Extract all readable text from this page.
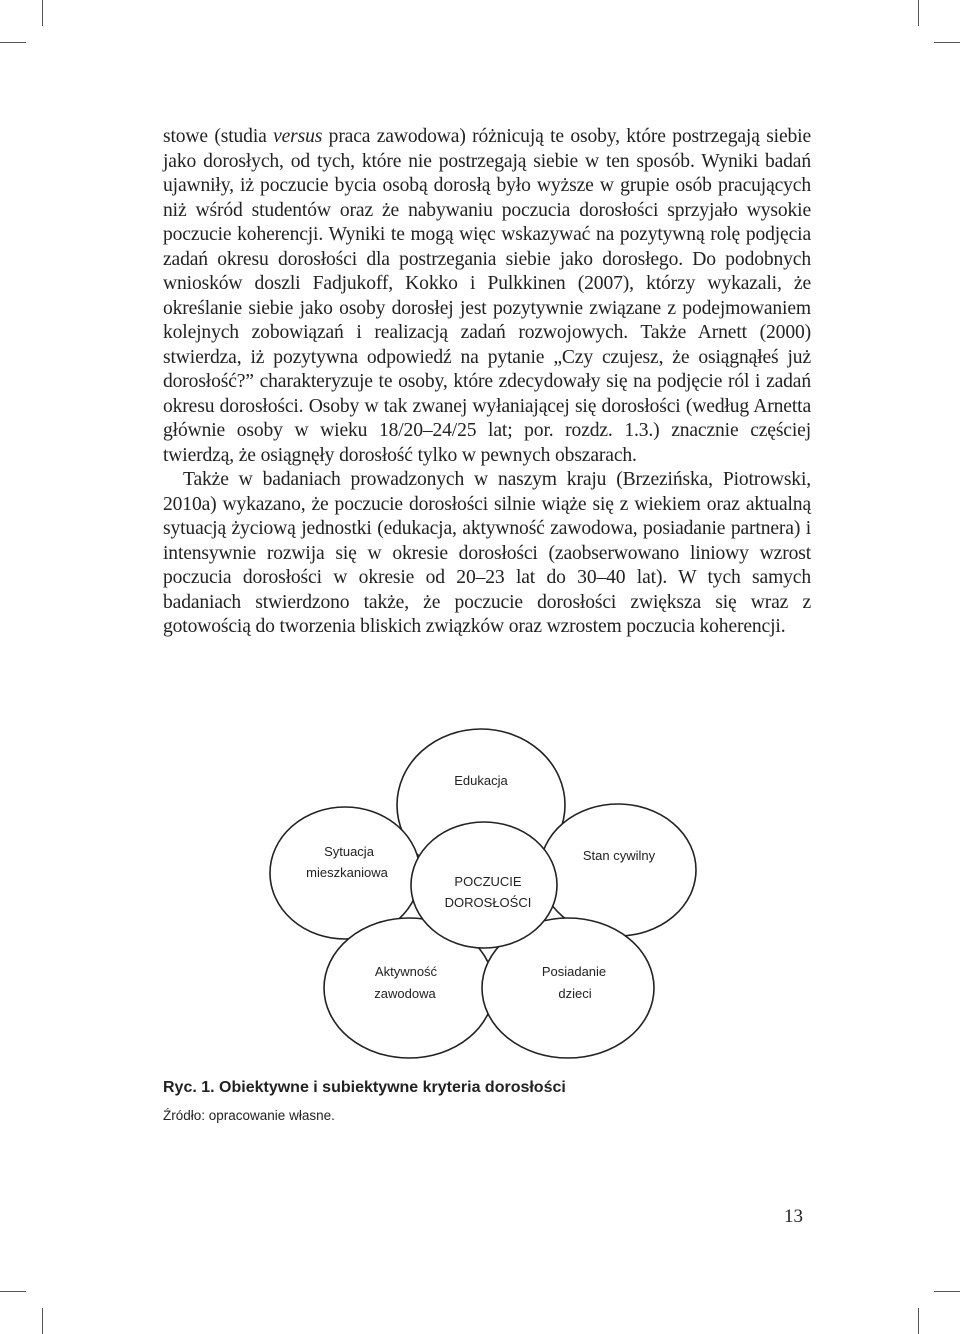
stowe (studia versus praca zawodowa) różnicują te osoby, które postrzegają siebie jako dorosłych, od tych, które nie postrzegają siebie w ten sposób. Wyniki badań ujawniły, iż poczucie bycia osobą dorosłą było wyższe w grupie osób pracujących niż wśród studentów oraz że nabywaniu poczucia dorosłości sprzyjało wysokie poczucie koherencji. Wyniki te mogą więc wskazywać na pozytywną rolę podjęcia zadań okresu dorosłości dla postrzegania siebie jako dorosłego. Do podobnych wniosków doszli Fadjukoff, Kokko i Pulkkinen (2007), którzy wykazali, że określanie siebie jako osoby dorosłej jest pozytywnie związane z podejmowaniem kolejnych zobowiązań i realizacją zadań rozwojowych. Także Arnett (2000) stwierdza, iż pozytywna odpowiedź na pytanie „Czy czujesz, że osiągnąłeś już dorosłość?” charakteryzuje te osoby, które zdecydowały się na podjęcie ról i zadań okresu dorosłości. Osoby w tak zwanej wyłaniającej się dorosłości (według Arnetta głównie osoby w wieku 18/20–24/25 lat; por. rozdz. 1.3.) znacznie częściej twierdzą, że osiągnęły dorosłość tylko w pewnych obszarach.

Także w badaniach prowadzonych w naszym kraju (Brzezińska, Piotrowski, 2010a) wykazano, że poczucie dorosłości silnie wiąże się z wiekiem oraz aktualną sytuacją życiową jednostki (edukacja, aktywność zawodowa, posiadanie partnera) i intensywnie rozwija się w okresie dorosłości (zaobserwowano liniowy wzrost poczucia dorosłości w okresie od 20–23 lat do 30–40 lat). W tych samych badaniach stwierdzono także, że poczucie dorosłości zwiększa się wraz z gotowością do tworzenia bliskich związków oraz wzrostem poczucia koherencji.

Edukacja
Sytuacja
mieszkaniowa
Stan cywilny
POCZUCIE
DOROSŁOŚCI
Aktywność
zawodowa
Posiadanie
dzieci
Ryc. 1. Obiektywne i subiektywne kryteria dorosłości
Źródło: opracowanie własne.
13
